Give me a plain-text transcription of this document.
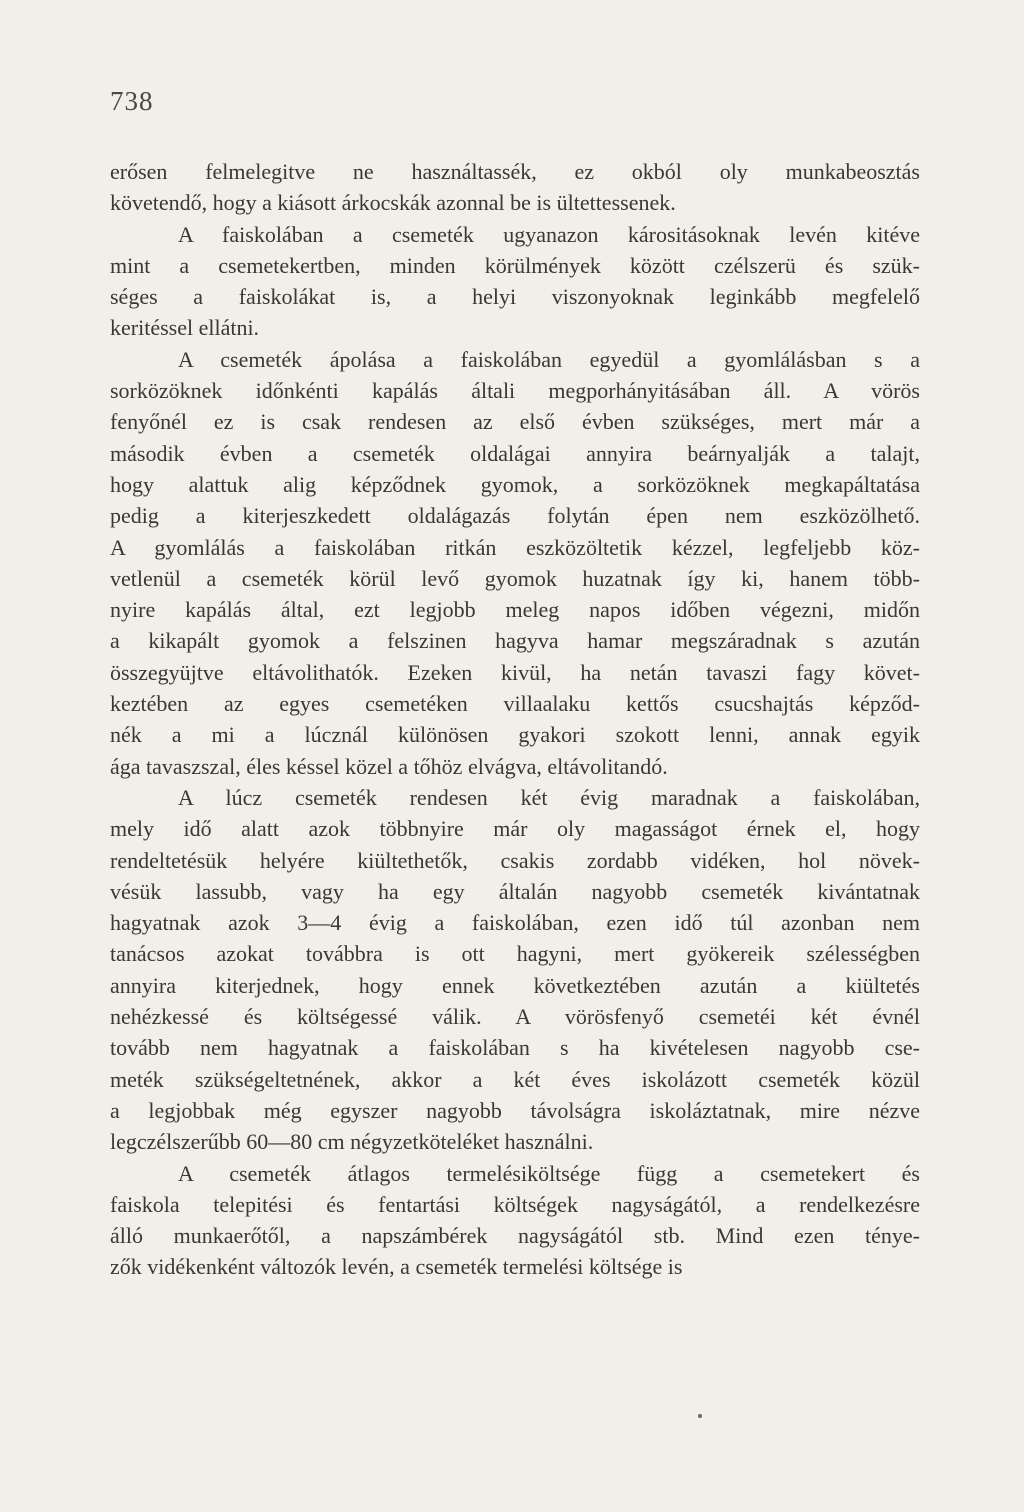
738
erősen felmelegitve ne használtassék, ez okból oly munkabeosztás
követendő, hogy a kiásott árkocskák azonnal be is ültettessenek.
A faiskolában a csemeték ugyanazon kárositásoknak levén kitéve
mint a csemetekertben, minden körülmények között czélszerü és szük-
séges a faiskolákat is, a helyi viszonyoknak leginkább megfelelő
keritéssel ellátni.
A csemeték ápolása a faiskolában egyedül a gyomlálásban s a
sorközöknek időnkénti kapálás általi megporhányitásában áll. A vörös
fenyőnél ez is csak rendesen az első évben szükséges, mert már a
második évben a csemeték oldalágai annyira beárnyalják a talajt,
hogy alattuk alig képződnek gyomok, a sorközöknek megkapáltatása
pedig a kiterjeszkedett oldalágazás folytán épen nem eszközölhető.
A gyomlálás a faiskolában ritkán eszközöltetik kézzel, legfeljebb köz-
vetlenül a csemeték körül levő gyomok huzatnak így ki, hanem több-
nyire kapálás által, ezt legjobb meleg napos időben végezni, midőn
a kikapált gyomok a felszinen hagyva hamar megszáradnak s azután
összegyüjtve eltávolithatók. Ezeken kivül, ha netán tavaszi fagy követ-
keztében az egyes csemetéken villaalaku kettős csucshajtás képződ-
nék a mi a lúcznál különösen gyakori szokott lenni, annak egyik
ága tavaszszal, éles késsel közel a tőhöz elvágva, eltávolitandó.
A lúcz csemeték rendesen két évig maradnak a faiskolában,
mely idő alatt azok többnyire már oly magasságot érnek el, hogy
rendeltetésük helyére kiültethetők, csakis zordabb vidéken, hol növek-
vésük lassubb, vagy ha egy általán nagyobb csemeték kivántatnak
hagyatnak azok 3—4 évig a faiskolában, ezen idő túl azonban nem
tanácsos azokat továbbra is ott hagyni, mert gyökereik szélességben
annyira kiterjednek, hogy ennek következtében azután a kiültetés
nehézkessé és költségessé válik. A vörösfenyő csemetéi két évnél
tovább nem hagyatnak a faiskolában s ha kivételesen nagyobb cse-
meték szükségeltetnének, akkor a két éves iskolázott csemeték közül
a legjobbak még egyszer nagyobb távolságra iskoláztatnak, mire nézve
legczélszerűbb 60—80 cm négyzetköteléket használni.
A csemeték átlagos termelésiköltsége függ a csemetekert és
faiskola telepitési és fentartási költségek nagyságától, a rendelkezésre
álló munkaerőtől, a napszámbérek nagyságától stb. Mind ezen ténye-
zők vidékenként változók levén, a csemeték termelési költsége is
